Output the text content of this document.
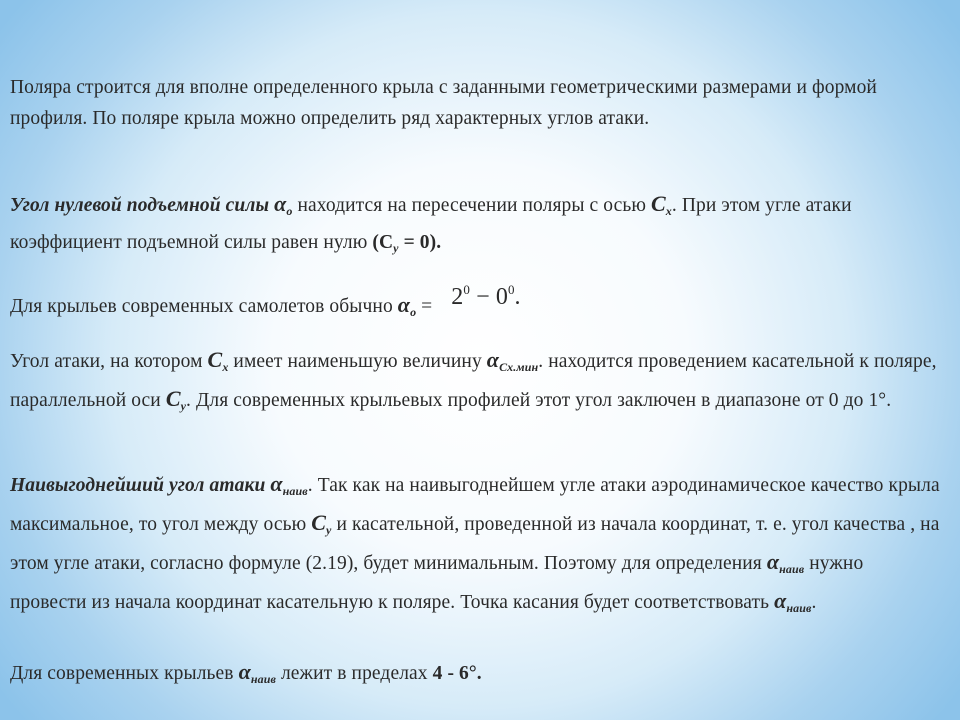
Поляра строится для вполне определенного крыла с заданными геометрическими размерами и формой профиля. По поляре крыла можно определить ряд характерных углов атаки.
Угол нулевой подъемной силы $\alpha_o$ находится на пересечении поляры с осью $C_x$. При этом угле атаки коэффициент подъемной силы равен нулю $(C_y = 0)$.
Для крыльев современных самолетов обычно $\alpha_o = 2^0 - 0^0$.
Угол атаки, на котором $C_x$ имеет наименьшую величину $\alpha_{Cx.мин}$. находится проведением касательной к поляре, параллельной оси $C_y$. Для современных крыльевых профилей этот угол заключен в диапазоне от 0 до 1°.
Наивыгоднейший угол атаки $\alpha_{наив}$. Так как на наивыгоднейшем угле атаки аэродинамическое качество крыла максимальное, то угол между осью $C_y$ и касательной, проведенной из начала координат, т. е. угол качества , на этом угле атаки, согласно формуле (2.19), будет минимальным. Поэтому для определения $\alpha_{наив}$ нужно провести из начала координат касательную к поляре. Точка касания будет соответствовать $\alpha_{наив}$.
Для современных крыльев $\alpha_{наив}$ лежит в пределах 4 - 6°.
